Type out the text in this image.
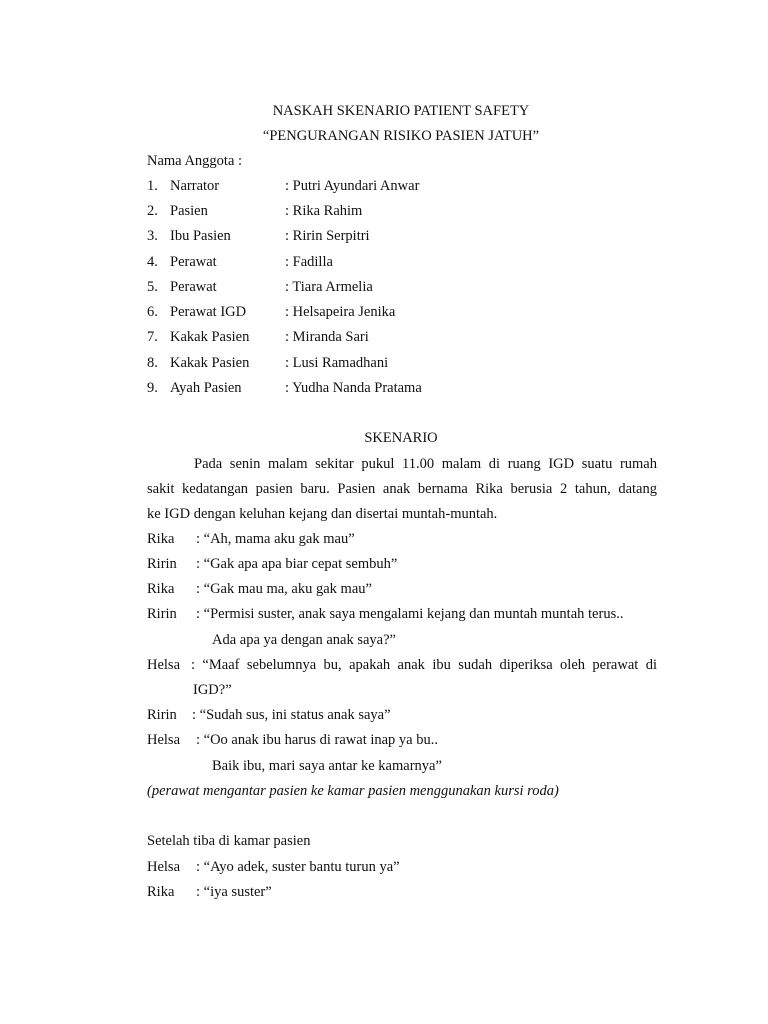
NASKAH SKENARIO PATIENT SAFETY
“PENGURANGAN RISIKO PASIEN JATUH”
Nama Anggota :
1. Narrator	: Putri Ayundari Anwar
2. Pasien	: Rika Rahim
3. Ibu Pasien	: Ririn Serpitri
4. Perawat	: Fadilla
5. Perawat	: Tiara Armelia
6. Perawat IGD	: Helsapeira Jenika
7. Kakak Pasien : Miranda Sari
8. Kakak Pasien : Lusi Ramadhani
9. Ayah Pasien	: Yudha Nanda Pratama
SKENARIO
Pada senin malam sekitar pukul 11.00 malam di ruang IGD suatu rumah
sakit kedatangan pasien baru. Pasien anak bernama Rika berusia 2 tahun, datang
ke IGD dengan keluhan kejang dan disertai muntah-muntah.
Rika : “Ah, mama aku gak mau”
Ririn : “Gak apa apa biar cepat sembuh”
Rika : “Gak mau ma, aku gak mau”
Ririn : “Permisi suster, anak saya mengalami kejang dan muntah muntah terus..
Ada apa ya dengan anak saya?”
Helsa : “Maaf sebelumnya bu, apakah anak ibu sudah diperiksa oleh perawat di
IGD?”
Ririn : “Sudah sus, ini status anak saya”
Helsa : “Oo anak ibu harus di rawat inap ya bu..
Baik ibu, mari saya antar ke kamarnya”
(perawat mengantar pasien ke kamar pasien menggunakan kursi roda)
Setelah tiba di kamar pasien
Helsa : “Ayo adek, suster bantu turun ya”
Rika : “iya suster”
